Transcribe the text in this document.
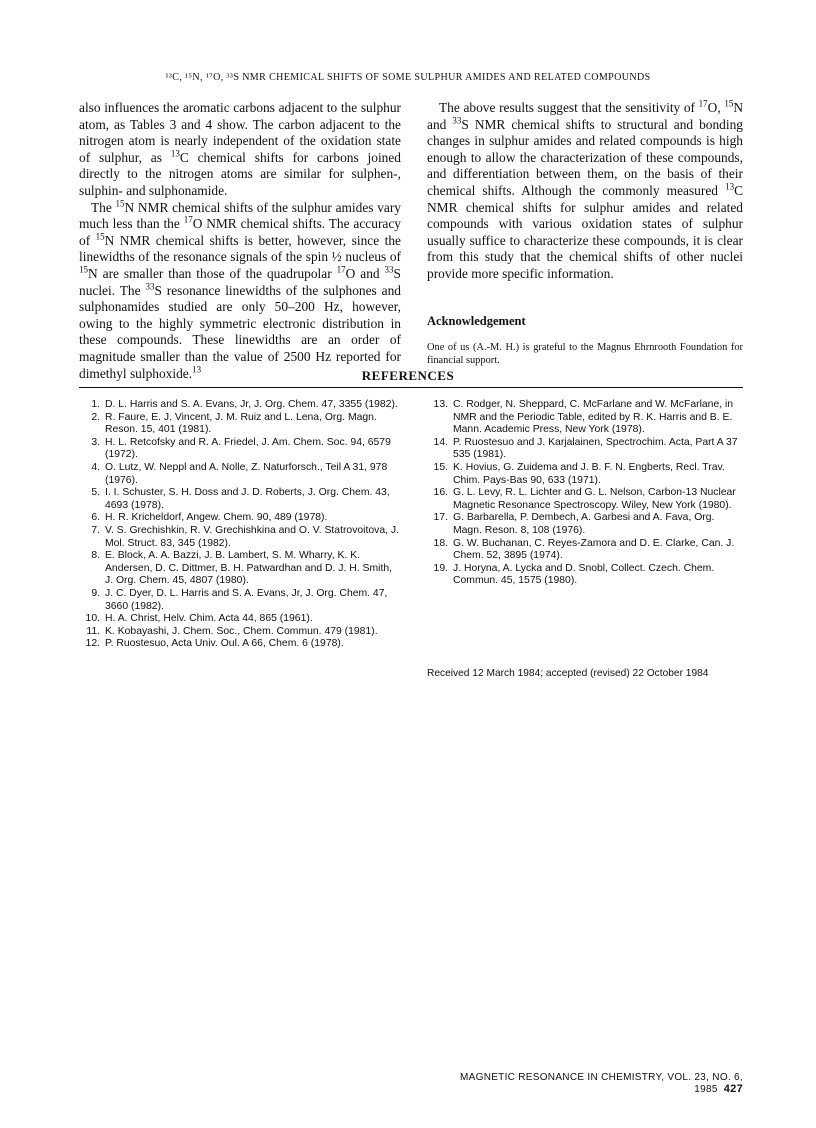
¹³C, ¹⁵N, ¹⁷O, ³³S NMR CHEMICAL SHIFTS OF SOME SULPHUR AMIDES AND RELATED COMPOUNDS

also influences the aromatic carbons adjacent to the sulphur atom, as Tables 3 and 4 show. The carbon adjacent to the nitrogen atom is nearly independent of the oxidation state of sulphur, as $^{13}$C chemical shifts for carbons joined directly to the nitrogen atoms are similar for sulphen-, sulphin- and sulphonamide.

The $^{15}$N NMR chemical shifts of the sulphur amides vary much less than the $^{17}$O NMR chemical shifts. The accuracy of $^{15}$N NMR chemical shifts is better, however, since the linewidths of the resonance signals of the spin ½ nucleus of $^{15}$N are smaller than those of the quadrupolar $^{17}$O and $^{33}$S nuclei. The $^{33}$S resonance linewidths of the sulphones and sulphonamides studied are only 50–200 Hz, however, owing to the highly symmetric electronic distribution in these compounds. These linewidths are an order of magnitude smaller than the value of 2500 Hz reported for dimethyl sulphoxide.$^{13}$

The above results suggest that the sensitivity of $^{17}$O, $^{15}$N and $^{33}$S NMR chemical shifts to structural and bonding changes in sulphur amides and related compounds is high enough to allow the characterization of these compounds, and differentiation between them, on the basis of their chemical shifts. Although the commonly measured $^{13}$C NMR chemical shifts for sulphur amides and related compounds with various oxidation states of sulphur usually suffice to characterize these compounds, it is clear from this study that the chemical shifts of other nuclei provide more specific information.

Acknowledgement
One of us (A.-M. H.) is grateful to the Magnus Ehrnrooth Foundation for financial support.
REFERENCES
1. D. L. Harris and S. A. Evans, Jr, J. Org. Chem. 47, 3355 (1982).
2. R. Faure, E. J. Vincent, J. M. Ruiz and L. Lena, Org. Magn. Reson. 15, 401 (1981).
3. H. L. Retcofsky and R. A. Friedel, J. Am. Chem. Soc. 94, 6579 (1972).
4. O. Lutz, W. Neppl and A. Nolle, Z. Naturforsch., Teil A 31, 978 (1976).
5. I. I. Schuster, S. H. Doss and J. D. Roberts, J. Org. Chem. 43, 4693 (1978).
6. H. R. Kricheldorf, Angew. Chem. 90, 489 (1978).
7. V. S. Grechishkin, R. V. Grechishkina and O. V. Statrovoitova, J. Mol. Struct. 83, 345 (1982).
8. E. Block, A. A. Bazzi, J. B. Lambert, S. M. Wharry, K. K. Andersen, D. C. Dittmer, B. H. Patwardhan and D. J. H. Smith, J. Org. Chem. 45, 4807 (1980).
9. J. C. Dyer, D. L. Harris and S. A. Evans, Jr, J. Org. Chem. 47, 3660 (1982).
10. H. A. Christ, Helv. Chim. Acta 44, 865 (1961).
11. K. Kobayashi, J. Chem. Soc., Chem. Commun. 479 (1981).
12. P. Ruostesuo, Acta Univ. Oul. A 66, Chem. 6 (1978).
13. C. Rodger, N. Sheppard, C. McFarlane and W. McFarlane, in NMR and the Periodic Table, edited by R. K. Harris and B. E. Mann. Academic Press, New York (1978).
14. P. Ruostesuo and J. Karjalainen, Spectrochim. Acta, Part A 37 535 (1981).
15. K. Hovius, G. Zuidema and J. B. F. N. Engberts, Recl. Trav. Chim. Pays-Bas 90, 633 (1971).
16. G. L. Levy, R. L. Lichter and G. L. Nelson, Carbon-13 Nuclear Magnetic Resonance Spectroscopy. Wiley, New York (1980).
17. G. Barbarella, P. Dembech, A. Garbesi and A. Fava, Org. Magn. Reson. 8, 108 (1976).
18. G. W. Buchanan, C. Reyes-Zamora and D. E. Clarke, Can. J. Chem. 52, 3895 (1974).
19. J. Horyna, A. Lycka and D. Snobl, Collect. Czech. Chem. Commun. 45, 1575 (1980).
Received 12 March 1984; accepted (revised) 22 October 1984
MAGNETIC RESONANCE IN CHEMISTRY, VOL. 23, NO. 6, 1985 427
